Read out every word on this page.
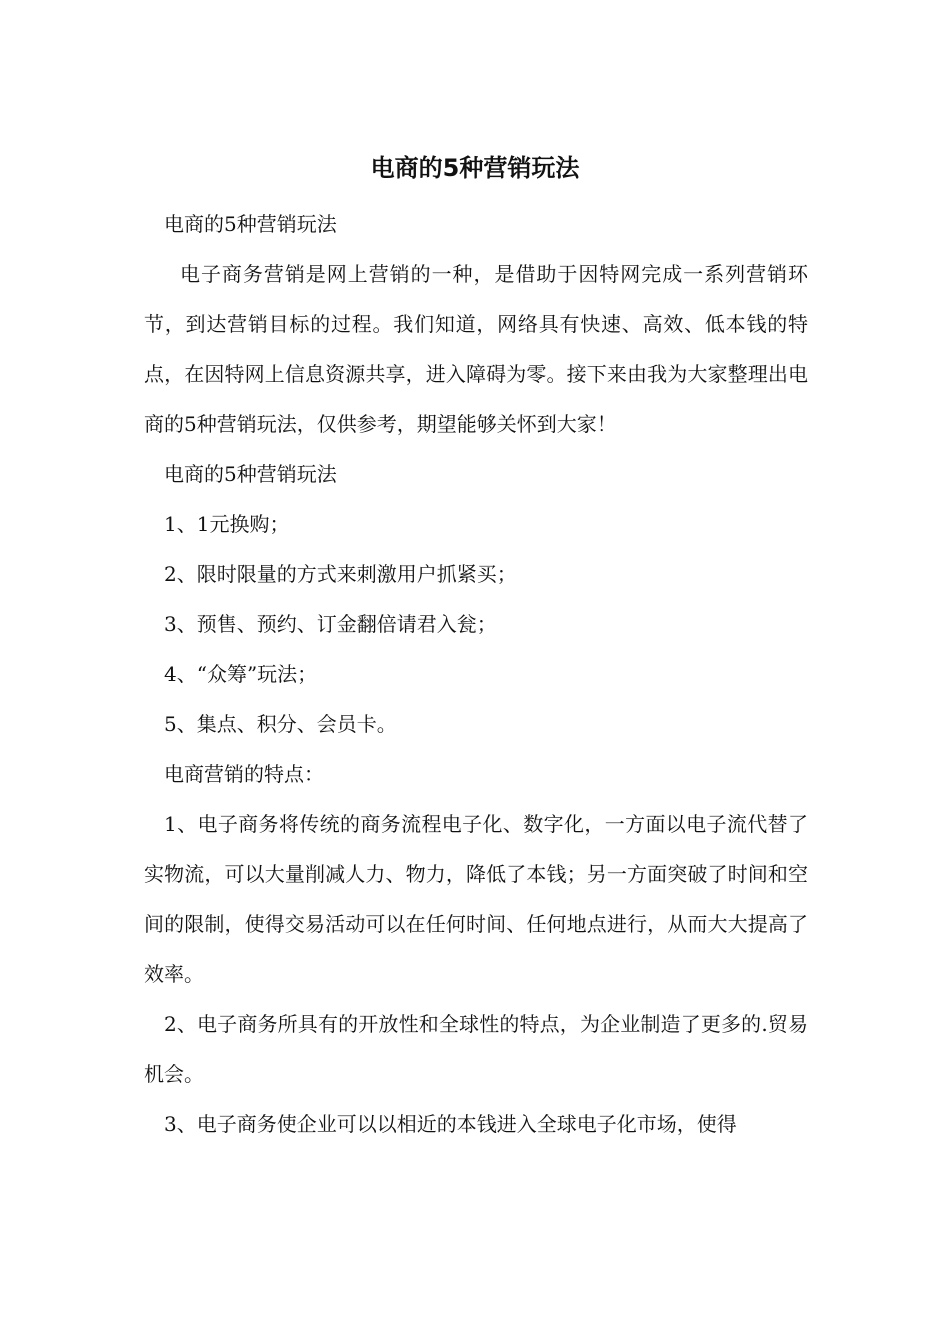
电商的5种营销玩法

电商的5种营销玩法

电子商务营销是网上营销的一种，是借助于因特网完成一系列营销环节，到达营销目标的过程。我们知道，网络具有快速、高效、低本钱的特点，在因特网上信息资源共享，进入障碍为零。接下来由我为大家整理出电商的5种营销玩法，仅供参考，期望能够关怀到大家！

电商的5种营销玩法

1、1元换购；

2、限时限量的方式来刺激用户抓紧买；

3、预售、预约、订金翻倍请君入瓮；

4、“众筹”玩法；

5、集点、积分、会员卡。

电商营销的特点：

1、电子商务将传统的商务流程电子化、数字化，一方面以电子流代替了实物流，可以大量削减人力、物力，降低了本钱；另一方面突破了时间和空间的限制，使得交易活动可以在任何时间、任何地点进行，从而大大提高了效率。

2、电子商务所具有的开放性和全球性的特点，为企业制造了更多的.贸易机会。

3、电子商务使企业可以以相近的本钱进入全球电子化市场，使得
